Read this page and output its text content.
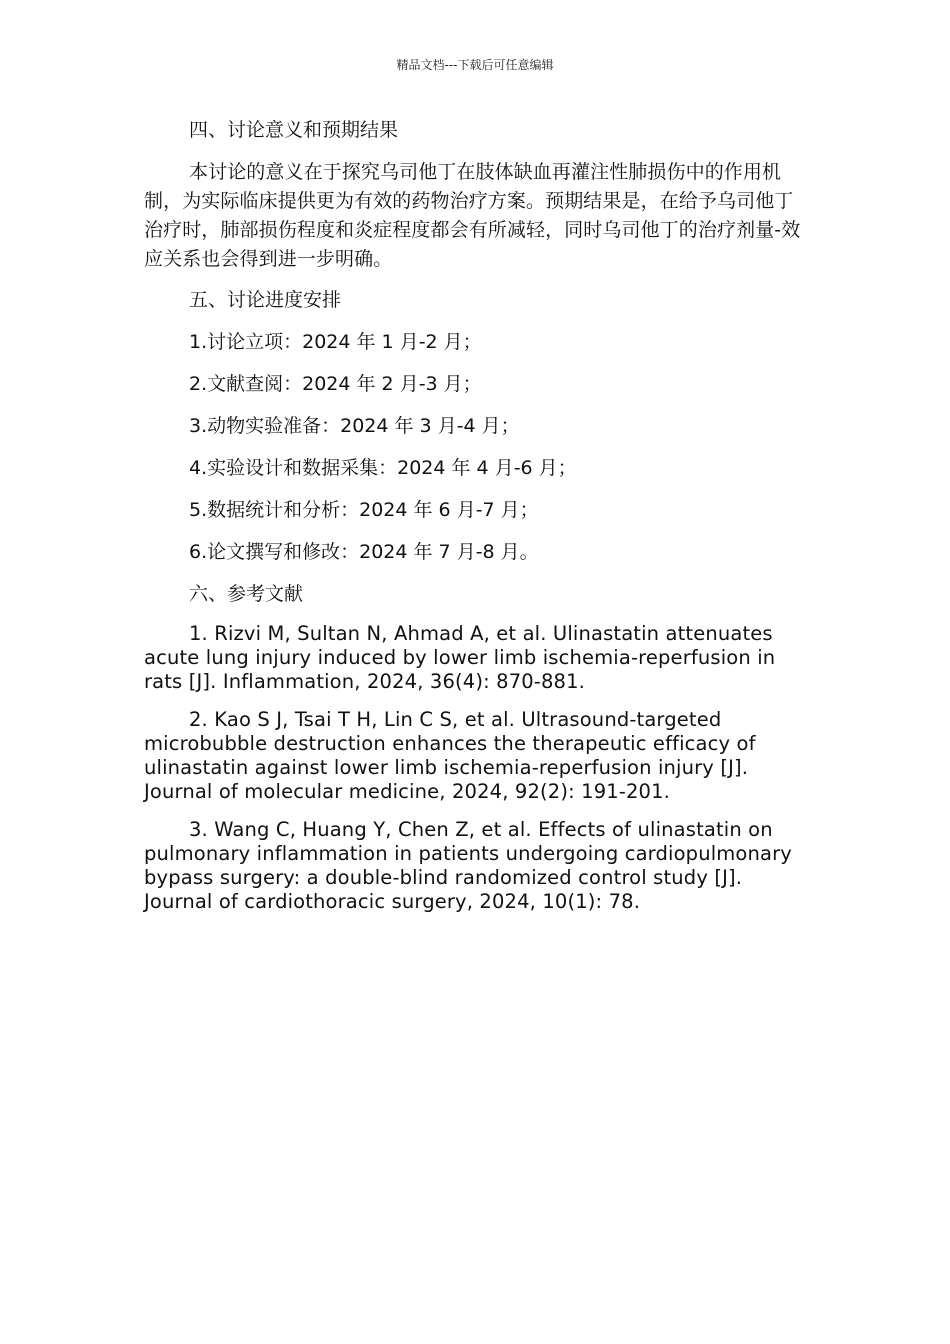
精品文档---下载后可任意编辑

四、讨论意义和预期结果

本讨论的意义在于探究乌司他丁在肢体缺血再灌注性肺损伤中的作用机制，为实际临床提供更为有效的药物治疗方案。预期结果是，在给予乌司他丁治疗时，肺部损伤程度和炎症程度都会有所减轻，同时乌司他丁的治疗剂量-效应关系也会得到进一步明确。

五、讨论进度安排

1.讨论立项：2024 年 1 月-2 月；

2.文献查阅：2024 年 2 月-3 月；

3.动物实验准备：2024 年 3 月-4 月；

4.实验设计和数据采集：2024 年 4 月-6 月；

5.数据统计和分析：2024 年 6 月-7 月；

6.论文撰写和修改：2024 年 7 月-8 月。

六、参考文献

1. Rizvi M, Sultan N, Ahmad A, et al. Ulinastatin attenuates acute lung injury induced by lower limb ischemia-reperfusion in rats [J]. Inflammation, 2024, 36(4): 870-881.

2. Kao S J, Tsai T H, Lin C S, et al. Ultrasound-targeted microbubble destruction enhances the therapeutic efficacy of ulinastatin against lower limb ischemia-reperfusion injury [J]. Journal of molecular medicine, 2024, 92(2): 191-201.

3. Wang C, Huang Y, Chen Z, et al. Effects of ulinastatin on pulmonary inflammation in patients undergoing cardiopulmonary bypass surgery: a double-blind randomized control study [J]. Journal of cardiothoracic surgery, 2024, 10(1): 78.
